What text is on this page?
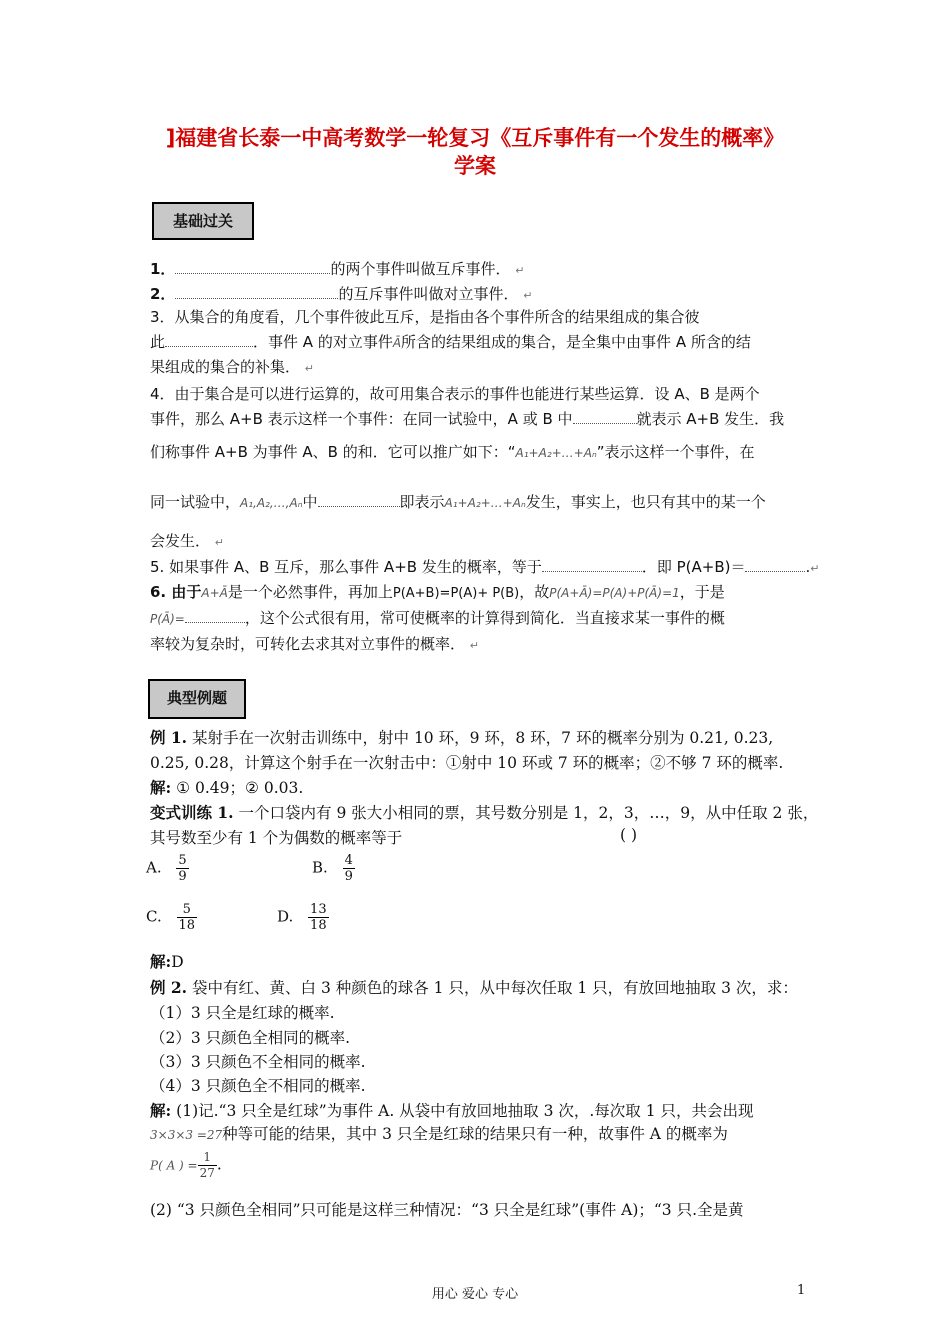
]福建省长泰一中高考数学一轮复习《互斥事件有一个发生的概率》
学案
基础过关
1．	的两个事件叫做互斥事件． ↵
2．	的互斥事件叫做对立事件． ↵
3．从集合的角度看，几个事件彼此互斥，是指由各个事件所含的结果组成的集合彼
此	．事件 A 的对立事件Ā所含的结果组成的集合，是全集中由事件 A 所含的结
果组成的集合的补集． ↵
4．由于集合是可以进行运算的，故可用集合表示的事件也能进行某些运算．设 A、B 是两个
事件，那么 A+B 表示这样一个事件：在同一试验中，A 或 B 中	就表示 A+B 发生．我
们称事件 A+B 为事件 A、B 的和．它可以推广如下：“A₁+A₂+…+Aₙ”表示这样一个事件，在
同一试验中，A₁,A₂,…,Aₙ中	即表示A₁+A₂+…+Aₙ发生，事实上，也只有其中的某一个
会发生． ↵
5. 如果事件 A、B 互斥，那么事件 A+B 发生的概率，等于	．即 P(A+B)＝	.↵
6. 由于A+Ā是一个必然事件，再加上P(A+B)=P(A)+ P(B)，故P(A+Ā)=P(A)+P(Ā)=1，于是
P(Ā)=	，这个公式很有用，常可使概率的计算得到简化．当直接求某一事件的概
率较为复杂时，可转化去求其对立事件的概率． ↵
典型例题
例 1. 某射手在一次射击训练中，射中 10 环，9 环，8 环，7 环的概率分别为 0.21, 0.23,
0.25, 0.28，计算这个射手在一次射击中：①射中 10 环或 7 环的概率；②不够 7 环的概率.
解: ① 0.49；② 0.03.
变式训练 1. 一个口袋内有 9 张大小相同的票，其号数分别是 1，2，3，…，9，从中任取 2 张，
其号数至少有 1 个为偶数的概率等于	( )
A. $\frac{5}{9}$	B. $\frac{4}{9}$
C. $\frac{5}{18}$	D. $\frac{13}{18}$
解:D
例 2. 袋中有红、黄、白 3 种颜色的球各 1 只，从中每次任取 1 只，有放回地抽取 3 次，求：
（1）3 只全是红球的概率.
（2）3 只颜色全相同的概率.
（3）3 只颜色不全相同的概率.
（4）3 只颜色全不相同的概率.
解: (1)记.“3 只全是红球”为事件 A. 从袋中有放回地抽取 3 次，.每次取 1 只，共会出现
3×3×3 =27种等可能的结果，其中 3 只全是红球的结果只有一种，故事件 A 的概率为
P( A ) = $\frac{1}{27}$ .
(2) “3 只颜色全相同”只可能是这样三种情况：“3 只全是红球”(事件 A)；“3 只.全是黄
用心 爱心 专心	1
